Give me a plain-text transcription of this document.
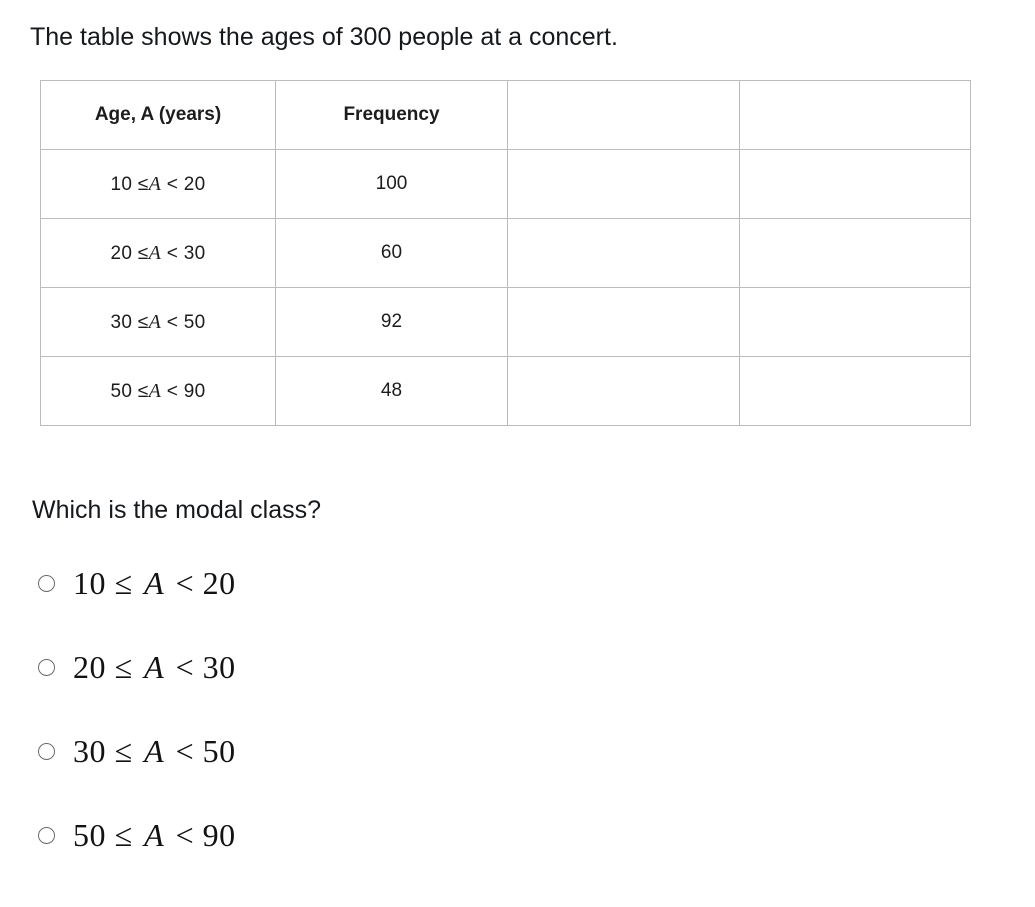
The table shows the ages of 300 people at a concert.

Age, A (years)	Frequency		
10 ≤A < 20	100		
20 ≤A < 30	60		
30 ≤A < 50	92		
50 ≤A < 90	48		

Which is the modal class?

10 ≤ A < 20
20 ≤ A < 30
30 ≤ A < 50
50 ≤ A < 90
